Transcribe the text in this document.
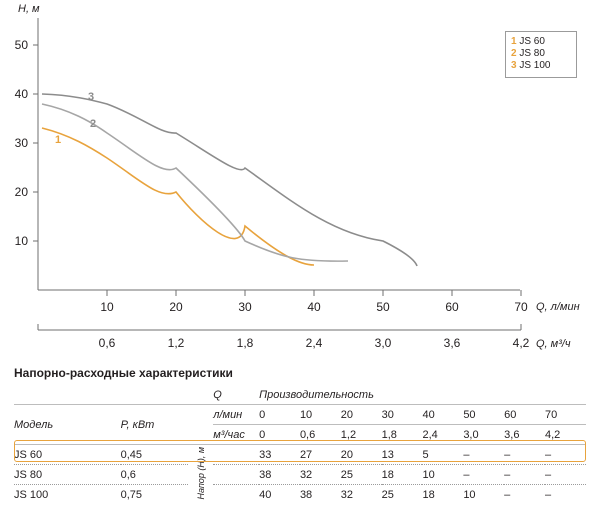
50
40
30
20
10
H, м
10	20	30	40	50	60	70 Q, л/мин
0,6	1,2	1,8	2,4	3,0	3,6	4,2 Q, м³/ч
1
2
3
1 JS 60
2 JS 80
3 JS 100
Напорно-расходные характеристики
			Q	Производительность							
Модель	P, кВт		л/мин	0	10	20	30	40	50	60	70
			м³/час	0	0,6	1,2	1,8	2,4	3,0	3,6	4,2
JS 60	0,45	Напор (H), м		33	27	20	13	5	–	–	–
JS 80	0,6			38	32	25	18	10	–	–	–
JS 100	0,75			40	38	32	25	18	10	–	–
